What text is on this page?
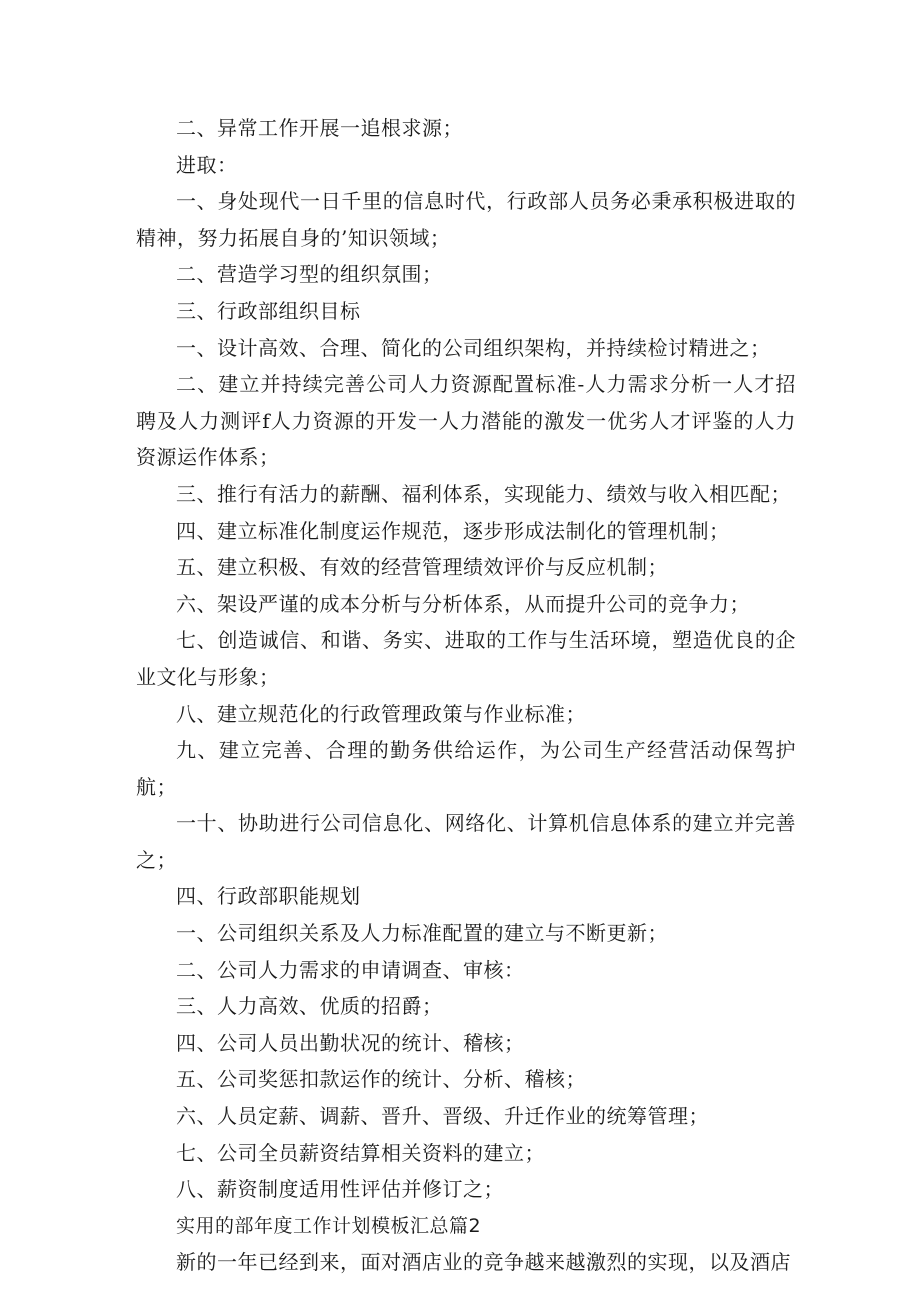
二、异常工作开展一追根求源；

进取：

一、身处现代一日千里的信息时代，行政部人员务必秉承积极进取的精神，努力拓展自身的’知识领域；

二、营造学习型的组织氛围；

三、行政部组织目标

一、设计高效、合理、简化的公司组织架构，并持续检讨精进之；

二、建立并持续完善公司人力资源配置标准-人力需求分析一人才招聘及人力测评f人力资源的开发一人力潜能的激发一优劣人才评鉴的人力资源运作体系；

三、推行有活力的薪酬、福利体系，实现能力、绩效与收入相匹配；

四、建立标准化制度运作规范，逐步形成法制化的管理机制；

五、建立积极、有效的经营管理绩效评价与反应机制；

六、架设严谨的成本分析与分析体系，从而提升公司的竞争力；

七、创造诚信、和谐、务实、进取的工作与生活环境，塑造优良的企业文化与形象；

八、建立规范化的行政管理政策与作业标准；

九、建立完善、合理的勤务供给运作，为公司生产经营活动保驾护航；

一十、协助进行公司信息化、网络化、计算机信息体系的建立并完善之；

四、行政部职能规划

一、公司组织关系及人力标准配置的建立与不断更新；

二、公司人力需求的申请调查、审核：

三、人力高效、优质的招爵；

四、公司人员出勤状况的统计、稽核；

五、公司奖惩扣款运作的统计、分析、稽核；

六、人员定薪、调薪、晋升、晋级、升迁作业的统筹管理；

七、公司全员薪资结算相关资料的建立；

八、薪资制度适用性评估并修订之；

实用的部年度工作计划模板汇总篇2

新的一年已经到来，面对酒店业的竞争越来越激烈的实现，以及酒店
